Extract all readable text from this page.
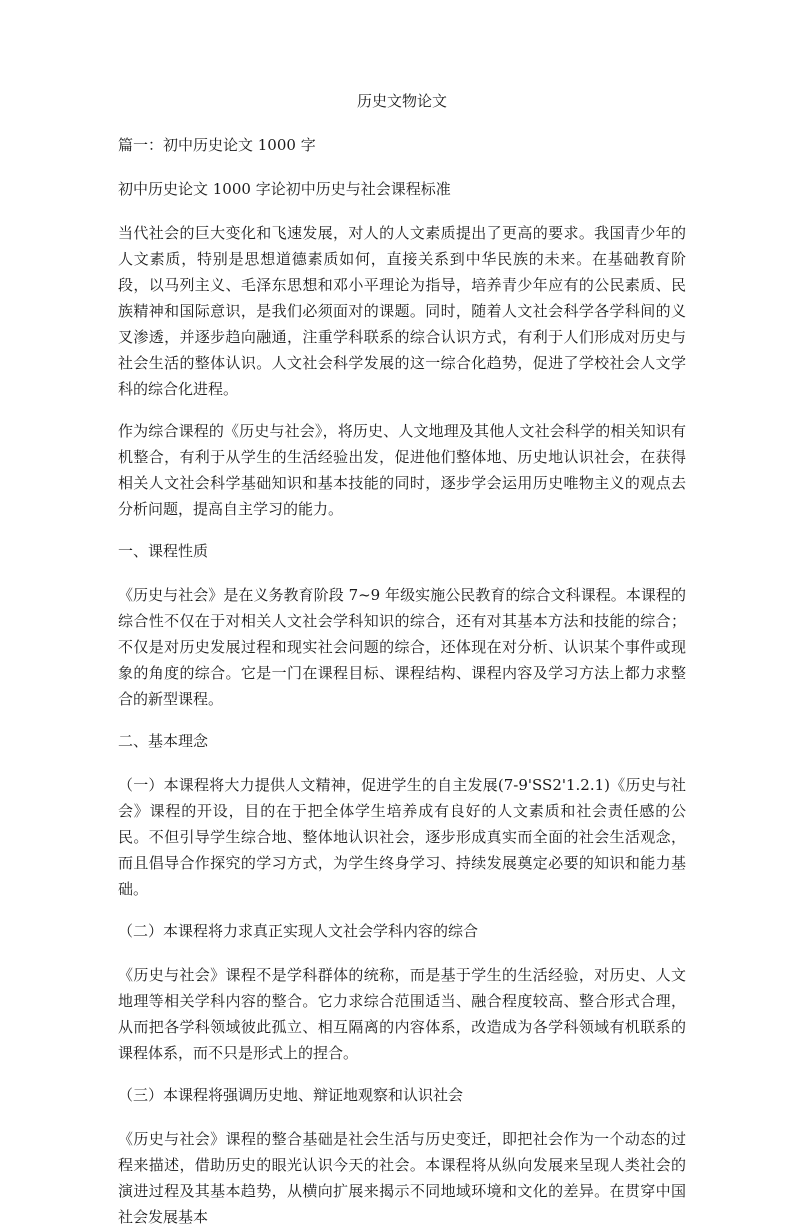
历史文物论文
篇一：初中历史论文 1000 字
初中历史论文 1000 字论初中历史与社会课程标准

当代社会的巨大变化和飞速发展，对人的人文素质提出了更高的要求。我国青少年的人文素质，特别是思想道德素质如何，直接关系到中华民族的未来。在基础教育阶段，以马列主义、毛泽东思想和邓小平理论为指导，培养青少年应有的公民素质、民族精神和国际意识，是我们必须面对的课题。同时，随着人文社会科学各学科间的义叉渗透，并逐步趋向融通，注重学科联系的综合认识方式，有利于人们形成对历史与社会生活的整体认识。人文社会科学发展的这一综合化趋势，促进了学校社会人文学科的综合化进程。

作为综合课程的《历史与社会》，将历史、人文地理及其他人文社会科学的相关知识有机整合，有利于从学生的生活经验出发，促进他们整体地、历史地认识社会，在获得相关人文社会科学基础知识和基本技能的同时，逐步学会运用历史唯物主义的观点去分析问题，提高自主学习的能力。

一、课程性质

《历史与社会》是在义务教育阶段 7~9 年级实施公民教育的综合文科课程。本课程的综合性不仅在于对相关人文社会学科知识的综合，还有对其基本方法和技能的综合；不仅是对历史发展过程和现实社会问题的综合，还体现在对分析、认识某个事件或现象的角度的综合。它是一门在课程目标、课程结构、课程内容及学习方法上都力求整合的新型课程。

二、基本理念

（一）本课程将大力提供人文精神，促进学生的自主发展(7-9'SS2'1.2.1)《历史与社会》课程的开设，目的在于把全体学生培养成有良好的人文素质和社会责任感的公民。不但引导学生综合地、整体地认识社会，逐步形成真实而全面的社会生活观念，而且倡导合作探究的学习方式，为学生终身学习、持续发展奠定必要的知识和能力基础。

（二）本课程将力求真正实现人文社会学科内容的综合

《历史与社会》课程不是学科群体的统称，而是基于学生的生活经验，对历史、人文地理等相关学科内容的整合。它力求综合范围适当、融合程度较高、整合形式合理，从而把各学科领域彼此孤立、相互隔离的内容体系，改造成为各学科领域有机联系的课程体系，而不只是形式上的捏合。

（三）本课程将强调历史地、辩证地观察和认识社会

《历史与社会》课程的整合基础是社会生活与历史变迁，即把社会作为一个动态的过程来描述，借助历史的眼光认识今天的社会。本课程将从纵向发展来呈现人类社会的演进过程及其基本趋势，从横向扩展来揭示不同地域环境和文化的差异。在贯穿中国社会发展基本
